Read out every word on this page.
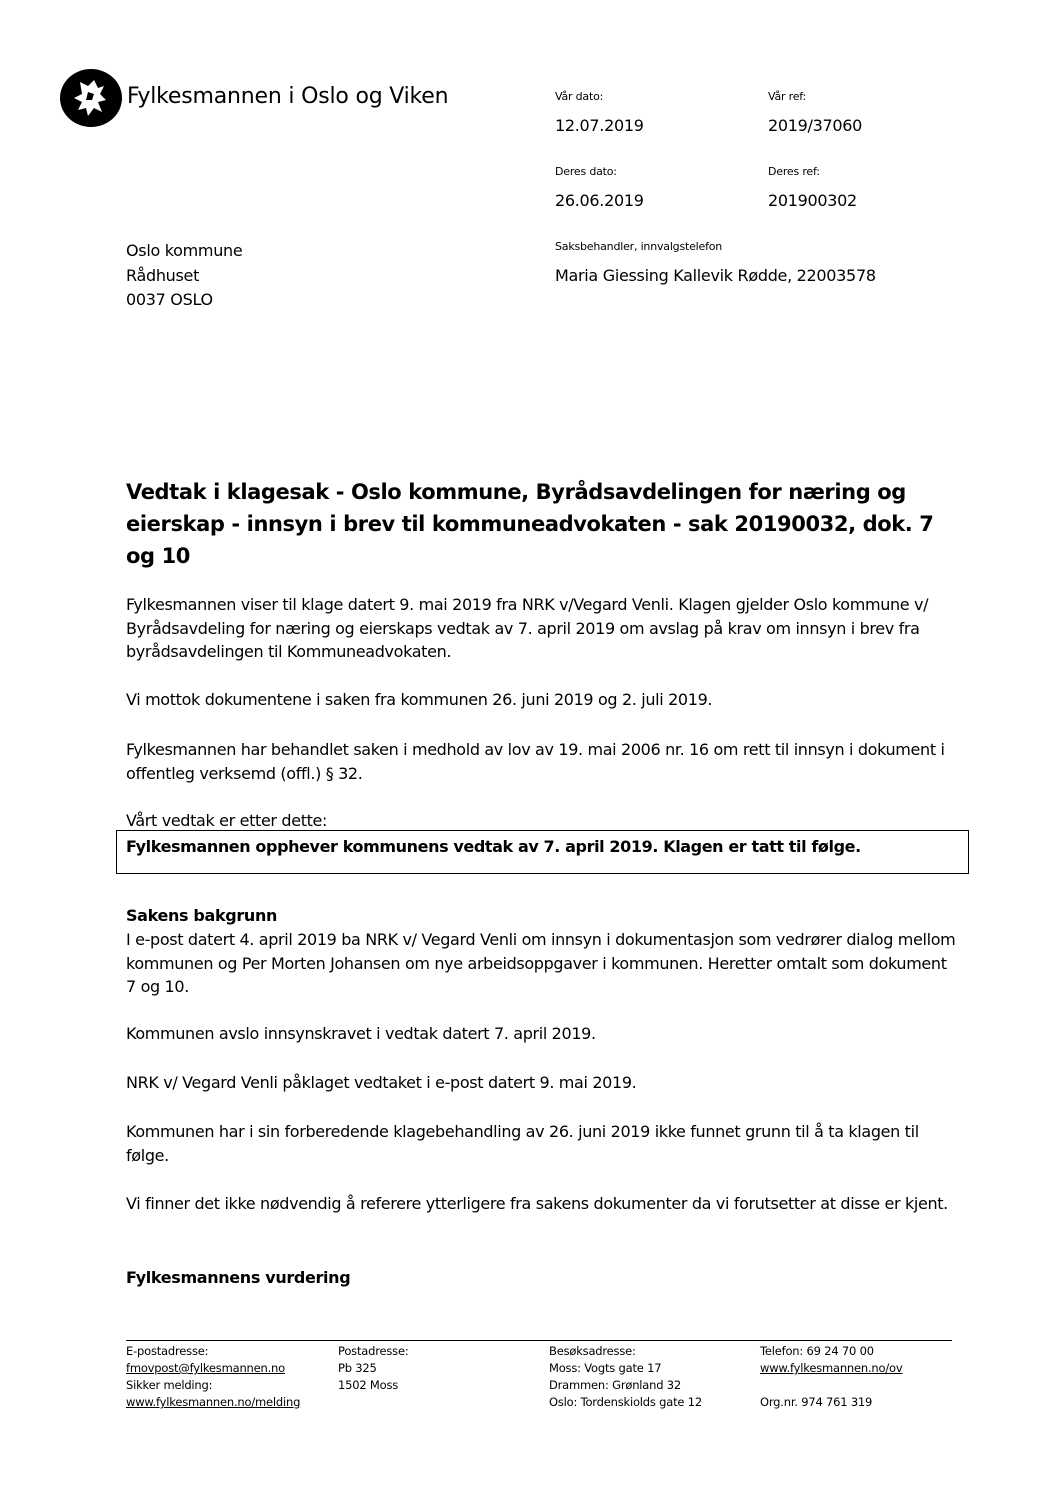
Fylkesmannen i Oslo og Viken	Vår dato:
12.07.2019
Vår ref:
2019/37060
Deres dato:
26.06.2019
Deres ref:
201900302
Saksbehandler, innvalgstelefon
Maria Giessing Kallevik Rødde, 22003578
Oslo kommune
Rådhuset
0037 OSLO
Vedtak i klagesak - Oslo kommune, Byrådsavdelingen for næring og eierskap - innsyn i brev til kommuneadvokaten - sak 20190032, dok. 7 og 10
Fylkesmannen viser til klage datert 9. mai 2019 fra NRK v/Vegard Venli. Klagen gjelder Oslo kommune v/ Byrådsavdeling for næring og eierskaps vedtak av 7. april 2019 om avslag på krav om innsyn i brev fra byrådsavdelingen til Kommuneadvokaten.
Vi mottok dokumentene i saken fra kommunen 26. juni 2019 og 2. juli 2019.
Fylkesmannen har behandlet saken i medhold av lov av 19. mai 2006 nr. 16 om rett til innsyn i dokument i offentleg verksemd (offl.) § 32.
Vårt vedtak er etter dette:
Fylkesmannen opphever kommunens vedtak av 7. april 2019. Klagen er tatt til følge.
Sakens bakgrunn
I e-post datert 4. april 2019 ba NRK v/ Vegard Venli om innsyn i dokumentasjon som vedrører dialog mellom kommunen og Per Morten Johansen om nye arbeidsoppgaver i kommunen. Heretter omtalt som dokument 7 og 10.
Kommunen avslo innsynskravet i vedtak datert 7. april 2019.
NRK v/ Vegard Venli påklaget vedtaket i e-post datert 9. mai 2019.
Kommunen har i sin forberedende klagebehandling av 26. juni 2019 ikke funnet grunn til å ta klagen til følge.
Vi finner det ikke nødvendig å referere ytterligere fra sakens dokumenter da vi forutsetter at disse er kjent.
Fylkesmannens vurdering
E-postadresse:
fmovpost@fylkesmannen.no
Sikker melding:
www.fylkesmannen.no/melding
Postadresse:
Pb 325
1502 Moss
Besøksadresse:
Moss: Vogts gate 17
Drammen: Grønland 32
Oslo: Tordenskiolds gate 12
Telefon: 69 24 70 00
www.fylkesmannen.no/ov

Org.nr. 974 761 319
